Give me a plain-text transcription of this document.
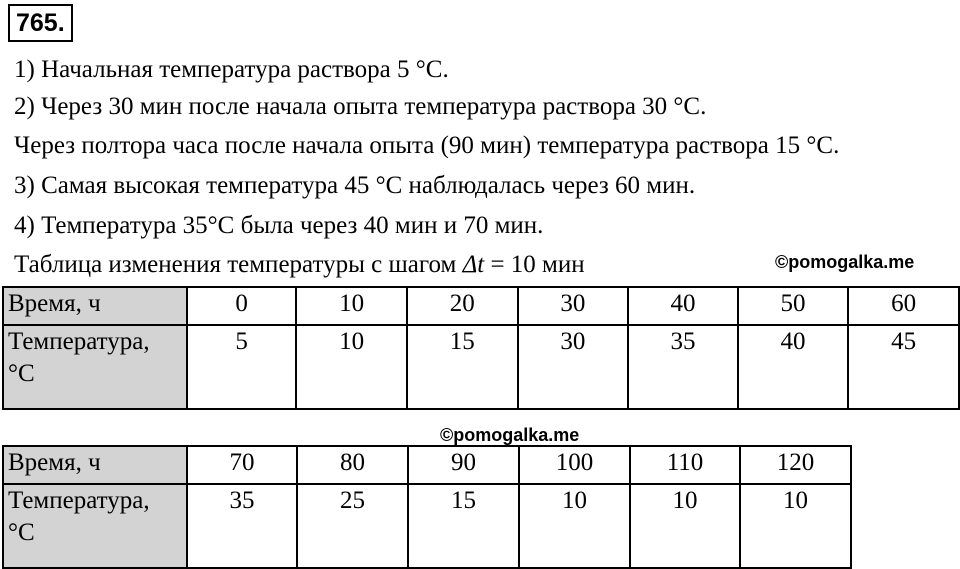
765.
1) Начальная температура раствора 5 °С.
2) Через 30 мин после начала опыта температура раствора 30 °С.
Через полтора часа после начала опыта (90 мин) температура раствора 15 °С.
3) Самая высокая температура 45 °С наблюдалась через 60 мин.
4) Температура 35°С была через 40 мин и 70 мин.
Таблица изменения температуры с шагом Δt = 10 мин	©pomogalka.me
Время, ч	0	10	20	30	40	50	60
Температура,
°С	5	10	15	30	35	40	45
©pomogalka.me
Время, ч	70	80	90	100	110	120
Температура,
°С	35	25	15	10	10	10
